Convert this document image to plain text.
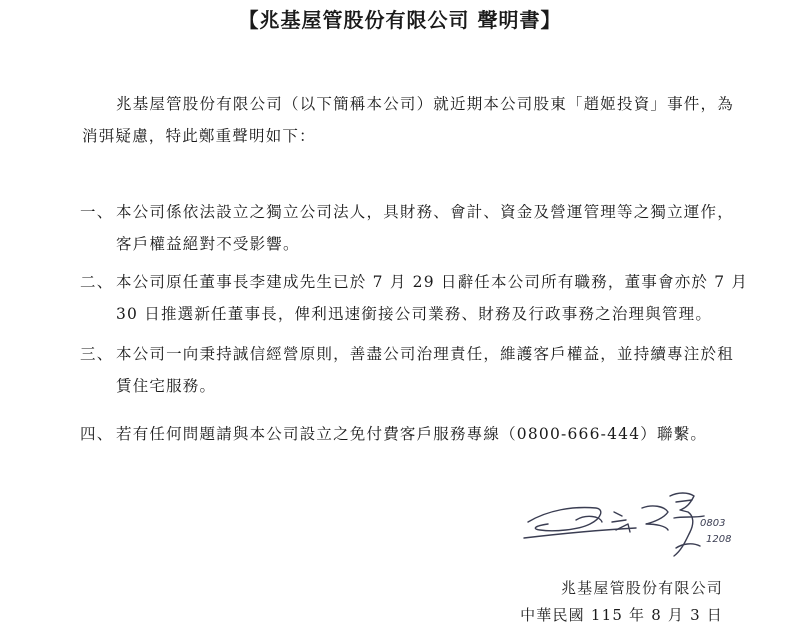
【兆基屋管股份有限公司 聲明書】
兆基屋管股份有限公司（以下簡稱本公司）就近期本公司股東「趙姬投資」事件，為
消弭疑慮，特此鄭重聲明如下：
一、 本公司係依法設立之獨立公司法人，具財務、會計、資金及營運管理等之獨立運作，
客戶權益絕對不受影響。
二、 本公司原任董事長李建成先生已於 7 月 29 日辭任本公司所有職務，董事會亦於 7 月
30 日推選新任董事長，俾利迅速銜接公司業務、財務及行政事務之治理與管理。
三、 本公司一向秉持誠信經營原則，善盡公司治理責任，維護客戶權益，並持續專注於租
賃住宅服務。
四、 若有任何問題請與本公司設立之免付費客戶服務專線（0800-666-444）聯繫。
0803
1208
兆基屋管股份有限公司
中華民國 115 年 8 月 3 日
